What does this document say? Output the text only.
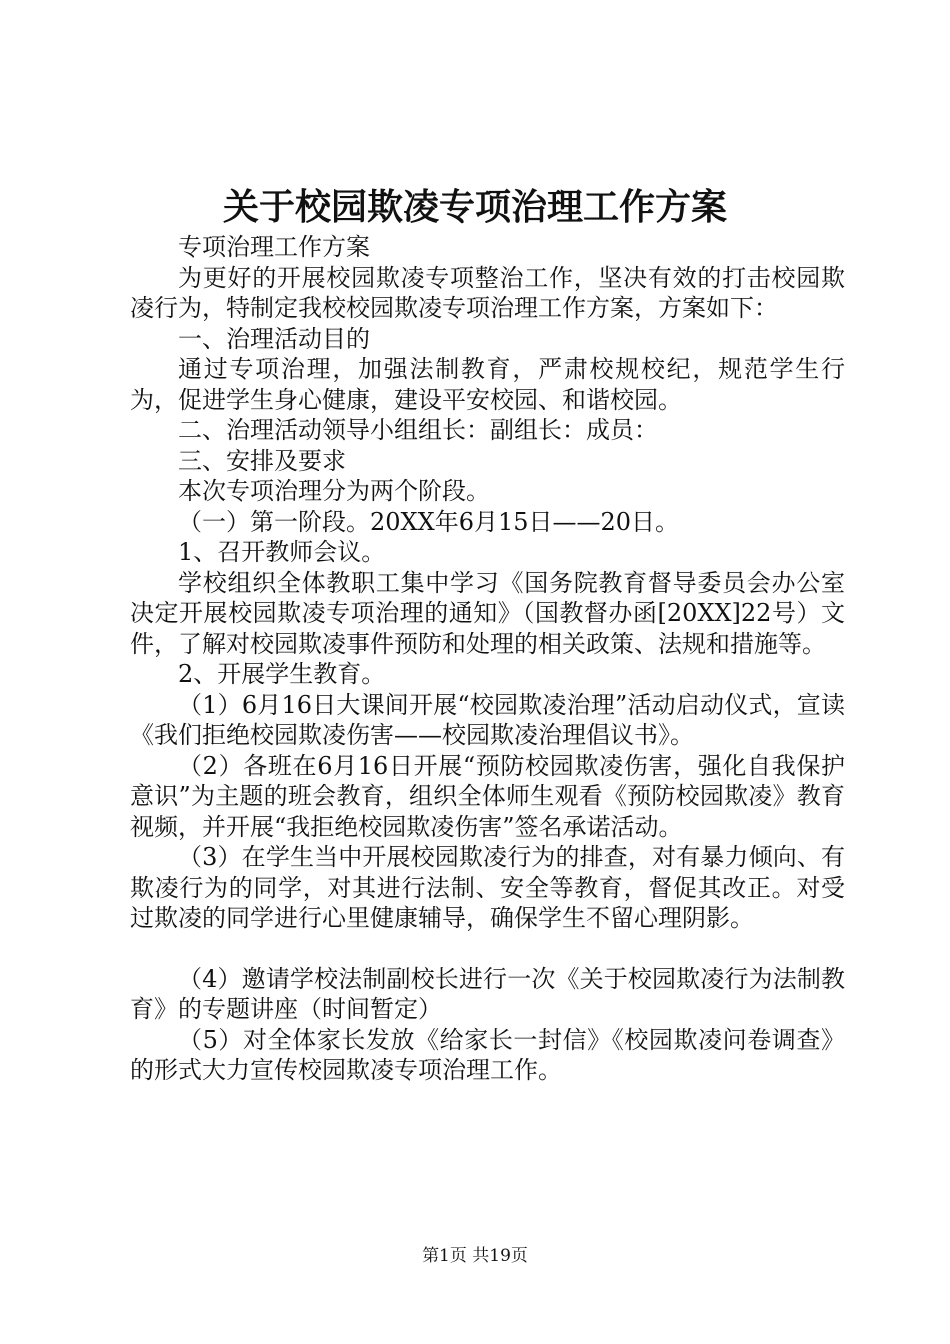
关于校园欺凌专项治理工作方案

专项治理工作方案

为更好的开展校园欺凌专项整治工作，坚决有效的打击校园欺凌行为，特制定我校校园欺凌专项治理工作方案，方案如下：

一、治理活动目的

通过专项治理，加强法制教育，严肃校规校纪，规范学生行为，促进学生身心健康，建设平安校园、和谐校园。

二、治理活动领导小组组长：副组长：成员：

三、安排及要求

本次专项治理分为两个阶段。

（一）第一阶段。20XX年6月15日——20日。

1、召开教师会议。

学校组织全体教职工集中学习《国务院教育督导委员会办公室决定开展校园欺凌专项治理的通知》（国教督办函[20XX]22号）文件，了解对校园欺凌事件预防和处理的相关政策、法规和措施等。

2、开展学生教育。

（1）6月16日大课间开展“校园欺凌治理”活动启动仪式，宣读《我们拒绝校园欺凌伤害——校园欺凌治理倡议书》。

（2）各班在6月16日开展“预防校园欺凌伤害，强化自我保护意识”为主题的班会教育，组织全体师生观看《预防校园欺凌》教育视频，并开展“我拒绝校园欺凌伤害”签名承诺活动。

（3）在学生当中开展校园欺凌行为的排查，对有暴力倾向、有欺凌行为的同学，对其进行法制、安全等教育，督促其改正。对受过欺凌的同学进行心里健康辅导，确保学生不留心理阴影。

（4）邀请学校法制副校长进行一次《关于校园欺凌行为法制教育》的专题讲座（时间暂定）

（5）对全体家长发放《给家长一封信》《校园欺凌问卷调查》的形式大力宣传校园欺凌专项治理工作。

第1页 共19页
